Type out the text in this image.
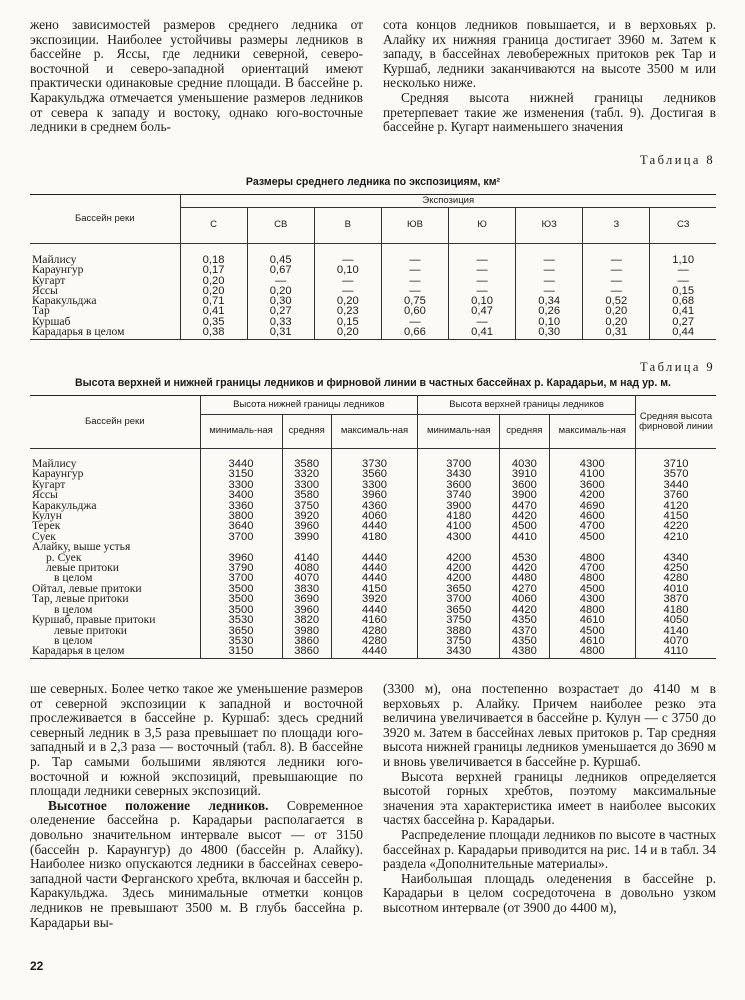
жено зависимостей размеров среднего ледника от экспозиции. Наиболее устойчивы размеры ледников в бассейне р. Яссы, где ледники северной, северо-восточной и северо-западной ориентаций имеют практически одинаковые средние площади. В бассейне р. Каракульджа отмечается уменьшение размеров ледников от севера к западу и востоку, однако юго-восточные ледники в среднем боль-

сота концов ледников повышается, и в верховьях р. Алайку их нижняя граница достигает 3960 м. Затем к западу, в бассейнах левобережных притоков рек Тар и Куршаб, ледники заканчиваются на высоте 3500 м или несколько ниже.

Средняя высота нижней границы ледников претерпевает такие же изменения (табл. 9). Достигая в бассейне р. Кугарт наименьшего значения

Таблица 8
Размеры среднего ледника по экспозициям, км²
Бассейн реки	Экспозиция							
	С	СВ	В	ЮВ	Ю	ЮЗ	З	СЗ
Майлису	0,18	0,45	—	—	—	—	—	1,10
Караунгур	0,17	0,67	0,10	—	—	—	—	—
Кугарт	0,20	—	—	—	—	—	—	—
Яссы	0,20	0,20	—	—	—	—	—	0,15
Каракульджа	0,71	0,30	0,20	0,75	0,10	0,34	0,52	0,68
Тар	0,41	0,27	0,23	0,60	0,47	0,26	0,20	0,41
Куршаб	0,35	0,33	0,15	—	—	0,10	0,20	0,27
Карадарья в целом	0,38	0,31	0,20	0,66	0,41	0,30	0,31	0,44
Таблица 9
Высота верхней и нижней границы ледников и фирновой линии в частных бассейнах р. Карадарьи, м над ур. м.
Бассейн реки	Высота нижней границы ледников			Высота верхней границы ледников			Средняя высота фирновой линии
	минималь-ная	средняя	максималь-ная	минималь-ная	средняя	максималь-ная	
Майлису	3440	3580	3730	3700	4030	4300	3710
Караунгур	3150	3320	3560	3430	3910	4100	3570
Кугарт	3300	3300	3300	3600	3600	3600	3440
Яссы	3400	3580	3960	3740	3900	4200	3760
Каракульджа	3360	3750	4360	3900	4470	4690	4120
Кулун	3800	3920	4060	4180	4420	4600	4150
Терек	3640	3960	4440	4100	4500	4700	4220
Суек	3700	3990	4180	4300	4410	4500	4210
Алайку, выше устья							
р. Суек	3960	4140	4440	4200	4530	4800	4340
левые притоки	3790	4080	4440	4200	4420	4700	4250
в целом	3700	4070	4440	4200	4480	4800	4280
Ойтал, левые притоки	3500	3830	4150	3650	4270	4500	4010
Тар, левые притоки	3500	3690	3920	3700	4060	4300	3870
в целом	3500	3960	4440	3650	4420	4800	4180
Куршаб, правые притоки	3530	3820	4160	3750	4350	4610	4050
левые притоки	3650	3980	4280	3880	4370	4500	4140
в целом	3530	3860	4280	3750	4350	4610	4070
Карадарья в целом	3150	3860	4440	3430	4380	4800	4110

ше северных. Более четко такое же уменьшение размеров от северной экспозиции к западной и восточной прослеживается в бассейне р. Куршаб: здесь средний северный ледник в 3,5 раза превышает по площади юго-западный и в 2,3 раза — восточный (табл. 8). В бассейне р. Тар самыми большими являются ледники юго-восточной и южной экспозиций, превышающие по площади ледники северных экспозиций.

Высотное положение ледников. Современное оледенение бассейна р. Карадарьи располагается в довольно значительном интервале высот — от 3150 (бассейн р. Караунгур) до 4800 (бассейн р. Алайку). Наиболее низко опускаются ледники в бассейнах северо-западной части Ферганского хребта, включая и бассейн р. Каракульджа. Здесь минимальные отметки концов ледников не превышают 3500 м. В глубь бассейна р. Карадарьи вы-

(3300 м), она постепенно возрастает до 4140 м в верховьях р. Алайку. Причем наиболее резко эта величина увеличивается в бассейне р. Кулун — с 3750 до 3920 м. Затем в бассейнах левых притоков р. Тар средняя высота нижней границы ледников уменьшается до 3690 м и вновь увеличивается в бассейне р. Куршаб.

Высота верхней границы ледников определяется высотой горных хребтов, поэтому максимальные значения эта характеристика имеет в наиболее высоких частях бассейна р. Карадарьи.

Распределение площади ледников по высоте в частных бассейнах р. Карадарьи приводится на рис. 14 и в табл. 34 раздела «Дополнительные материалы».

Наибольшая площадь оледенения в бассейне р. Карадарьи в целом сосредоточена в довольно узком высотном интервале (от 3900 до 4400 м),

22
